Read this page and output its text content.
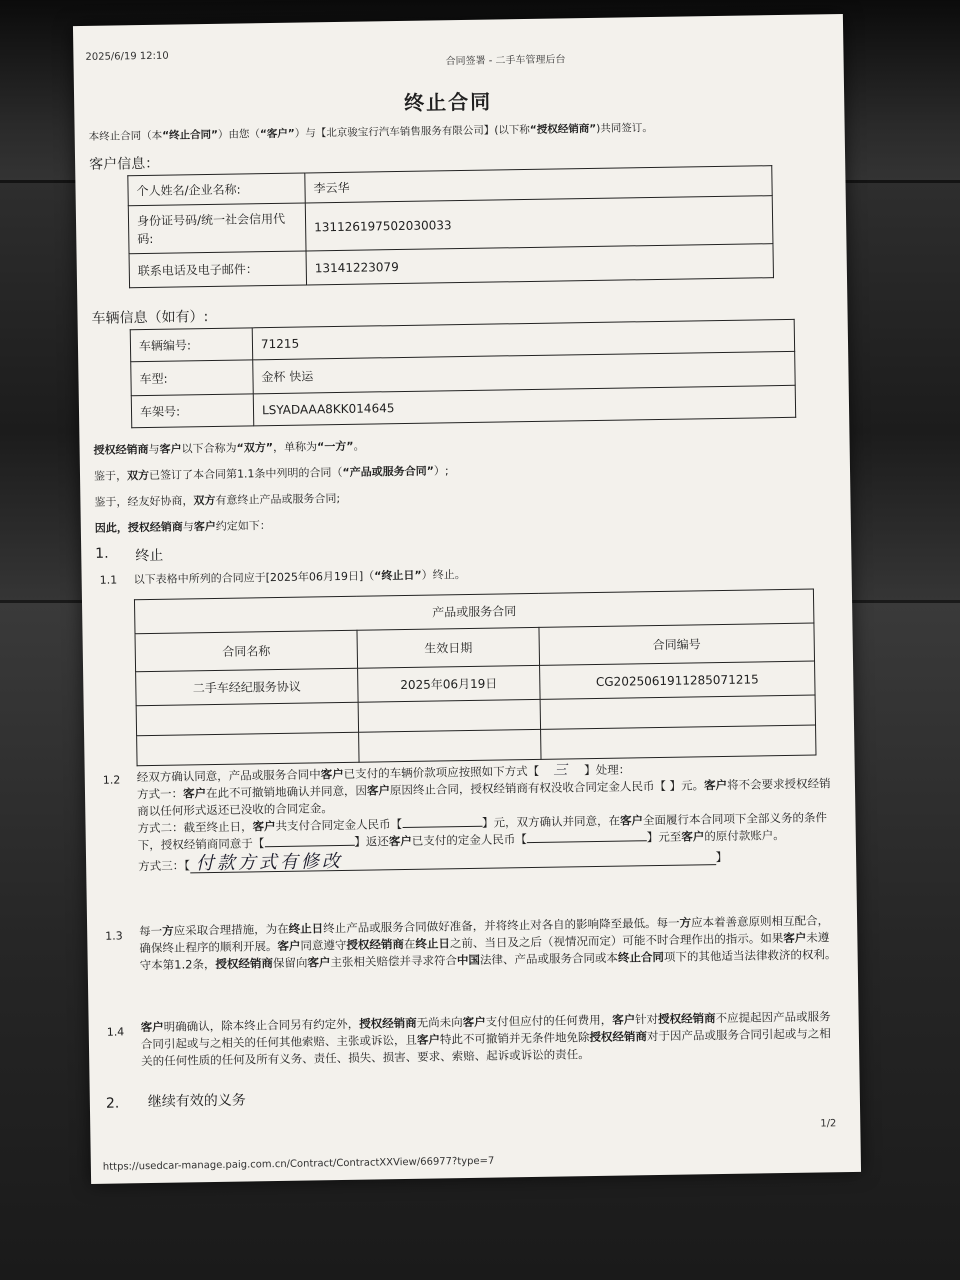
2025/6/19 12:10	合同签署 - 二手车管理后台
终止合同
本终止合同（本“终止合同”）由您（“客户”）与【北京骏宝行汽车销售服务有限公司】(以下称“授权经销商”)共同签订。
客户信息：
个人姓名/企业名称:	李云华
身份证号码/统一社会信用代码:	131126197502030033
联系电话及电子邮件：	13141223079
车辆信息（如有）:
车辆编号:	71215
车型:	金杯 快运
车架号:	LSYADAAA8KK014645
授权经销商与客户以下合称为“双方”，单称为“一方”。
鉴于，双方已签订了本合同第1.1条中列明的合同（“产品或服务合同”）;
鉴于，经友好协商，双方有意终止产品或服务合同;
因此，授权经销商与客户约定如下：
1. 终止
1.1 以下表格中所列的合同应于[2025年06月19日]（“终止日”）终止。
产品或服务合同		
合同名称	生效日期	合同编号
二手车经纪服务协议	2025年06月19日	CG2025061911285071215

1.2 经双方确认同意，产品或服务合同中客户已支付的车辆价款项应按照如下方式【 三 】处理：
方式一：客户在此不可撤销地确认并同意，因客户原因终止合同，授权经销商有权没收合同定金人民币【 】元。客户将不会要求授权经销商以任何形式返还已没收的合同定金。
方式二：截至终止日，客户共支付合同定金人民币【	】元，双方确认并同意，在客户全面履行本合同项下全部义务的条件下，授权经销商同意于【	】返还客户已支付的定金人民币【	】元至客户的原付款账户。
方式三：【 付款方式有修改	】
1.3 每一方应采取合理措施，为在终止日终止产品或服务合同做好准备，并将终止对各自的影响降至最低。每一方应本着善意原则相互配合，确保终止程序的顺利开展。客户同意遵守授权经销商在终止日之前、当日及之后（视情况而定）可能不时合理作出的指示。如果客户未遵守本第1.2条，授权经销商保留向客户主张相关赔偿并寻求符合中国法律、产品或服务合同或本终止合同项下的其他适当法律救济的权利。
1.4 客户明确确认，除本终止合同另有约定外，授权经销商无尚未向客户支付但应付的任何费用，客户针对授权经销商不应提起因产品或服务合同引起或与之相关的任何其他索赔、主张或诉讼，且客户特此不可撤销并无条件地免除授权经销商对于因产品或服务合同引起或与之相关的任何性质的任何及所有义务、责任、损失、损害、要求、索赔、起诉或诉讼的责任。
2. 继续有效的义务
1/2
https://usedcar-manage.paig.com.cn/Contract/ContractXXView/66977?type=7
